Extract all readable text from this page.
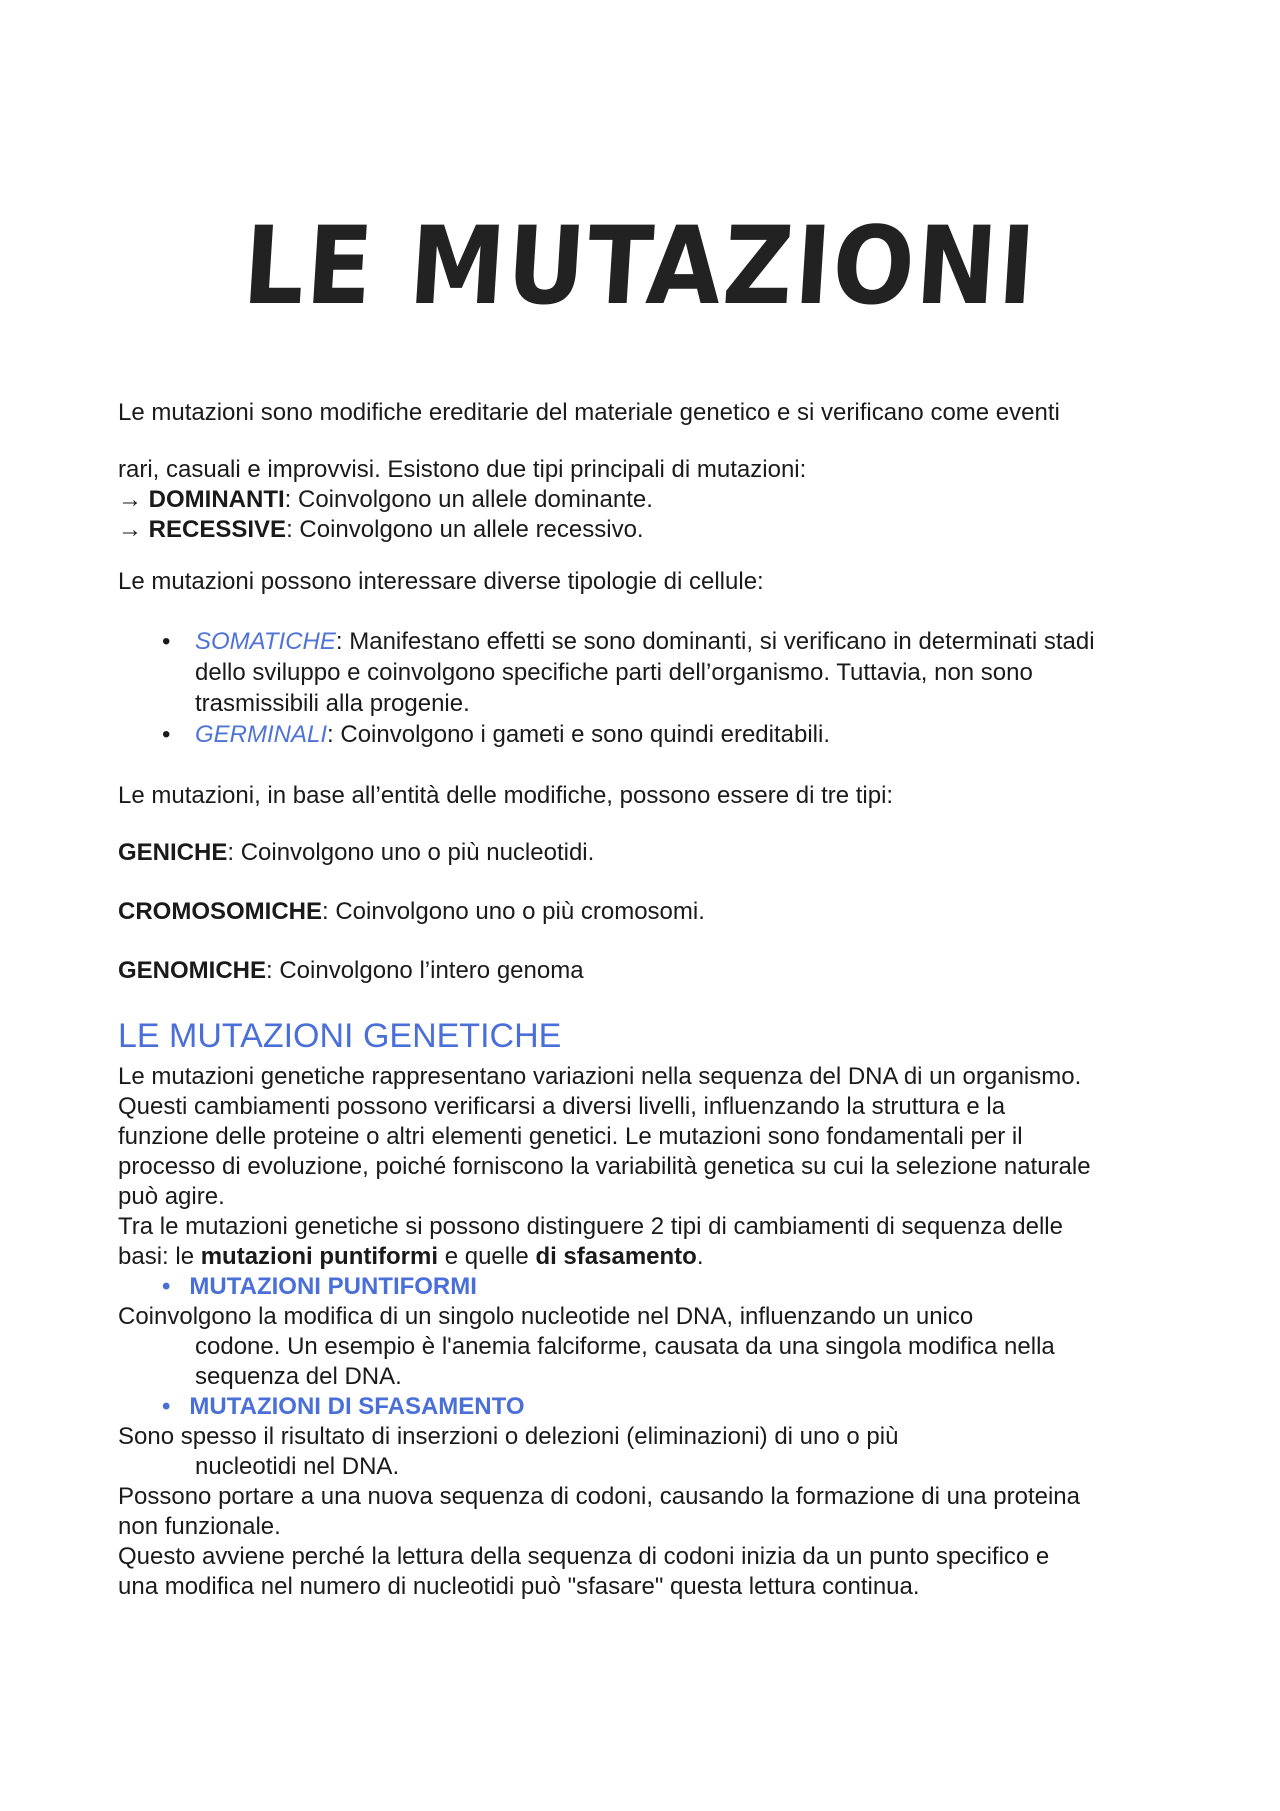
LE MUTAZIONI
Le mutazioni sono modifiche ereditarie del materiale genetico e si verificano come eventi
rari, casuali e improvvisi. Esistono due tipi principali di mutazioni:
→ DOMINANTI: Coinvolgono un allele dominante.
→ RECESSIVE: Coinvolgono un allele recessivo.
Le mutazioni possono interessare diverse tipologie di cellule:
•	SOMATICHE: Manifestano effetti se sono dominanti, si verificano in determinati stadi
dello sviluppo e coinvolgono specifiche parti dell’organismo. Tuttavia, non sono
trasmissibili alla progenie.
•	GERMINALI: Coinvolgono i gameti e sono quindi ereditabili.
Le mutazioni, in base all’entità delle modifiche, possono essere di tre tipi:
GENICHE: Coinvolgono uno o più nucleotidi.
CROMOSOMICHE: Coinvolgono uno o più cromosomi.
GENOMICHE: Coinvolgono l’intero genoma
LE MUTAZIONI GENETICHE
Le mutazioni genetiche rappresentano variazioni nella sequenza del DNA di un organismo.
Questi cambiamenti possono verificarsi a diversi livelli, influenzando la struttura e la
funzione delle proteine o altri elementi genetici. Le mutazioni sono fondamentali per il
processo di evoluzione, poiché forniscono la variabilità genetica su cui la selezione naturale
può agire.
Tra le mutazioni genetiche si possono distinguere 2 tipi di cambiamenti di sequenza delle
basi: le mutazioni puntiformi e quelle di sfasamento.
• MUTAZIONI PUNTIFORMI
Coinvolgono la modifica di un singolo nucleotide nel DNA, influenzando un unico
codone. Un esempio è l'anemia falciforme, causata da una singola modifica nella
sequenza del DNA.
• MUTAZIONI DI SFASAMENTO
Sono spesso il risultato di inserzioni o delezioni (eliminazioni) di uno o più
nucleotidi nel DNA.
Possono portare a una nuova sequenza di codoni, causando la formazione di una proteina
non funzionale.
Questo avviene perché la lettura della sequenza di codoni inizia da un punto specifico e
una modifica nel numero di nucleotidi può "sfasare" questa lettura continua.
